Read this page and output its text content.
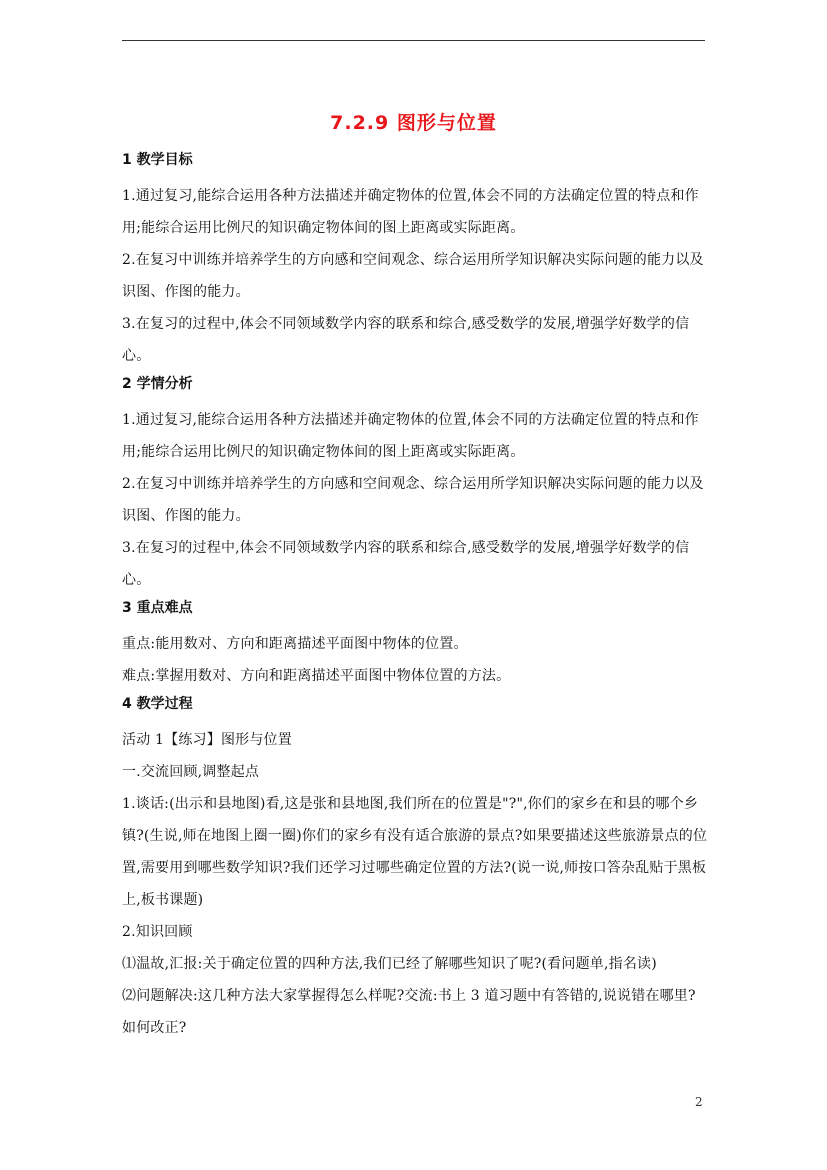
7.2.9 图形与位置
1 教学目标

1.通过复习,能综合运用各种方法描述并确定物体的位置,体会不同的方法确定位置的特点和作用;能综合运用比例尺的知识确定物体间的图上距离或实际距离。

2.在复习中训练并培养学生的方向感和空间观念、综合运用所学知识解决实际问题的能力以及识图、作图的能力。

3.在复习的过程中,体会不同领域数学内容的联系和综合,感受数学的发展,增强学好数学的信心。

2 学情分析

1.通过复习,能综合运用各种方法描述并确定物体的位置,体会不同的方法确定位置的特点和作用;能综合运用比例尺的知识确定物体间的图上距离或实际距离。

2.在复习中训练并培养学生的方向感和空间观念、综合运用所学知识解决实际问题的能力以及识图、作图的能力。

3.在复习的过程中,体会不同领域数学内容的联系和综合,感受数学的发展,增强学好数学的信心。

3 重点难点

重点:能用数对、方向和距离描述平面图中物体的位置。

难点:掌握用数对、方向和距离描述平面图中物体位置的方法。

4 教学过程

活动 1【练习】图形与位置

一.交流回顾,调整起点

1.谈话:(出示和县地图)看,这是张和县地图,我们所在的位置是"?",你们的家乡在和县的哪个乡镇?(生说,师在地图上圈一圈)你们的家乡有没有适合旅游的景点?如果要描述这些旅游景点的位置,需要用到哪些数学知识?我们还学习过哪些确定位置的方法?(说一说,师按口答杂乱贴于黑板上,板书课题)

2.知识回顾

⑴温故,汇报:关于确定位置的四种方法,我们已经了解哪些知识了呢?(看问题单,指名读)

⑵问题解决:这几种方法大家掌握得怎么样呢?交流:书上 3 道习题中有答错的,说说错在哪里?如何改正?

2
